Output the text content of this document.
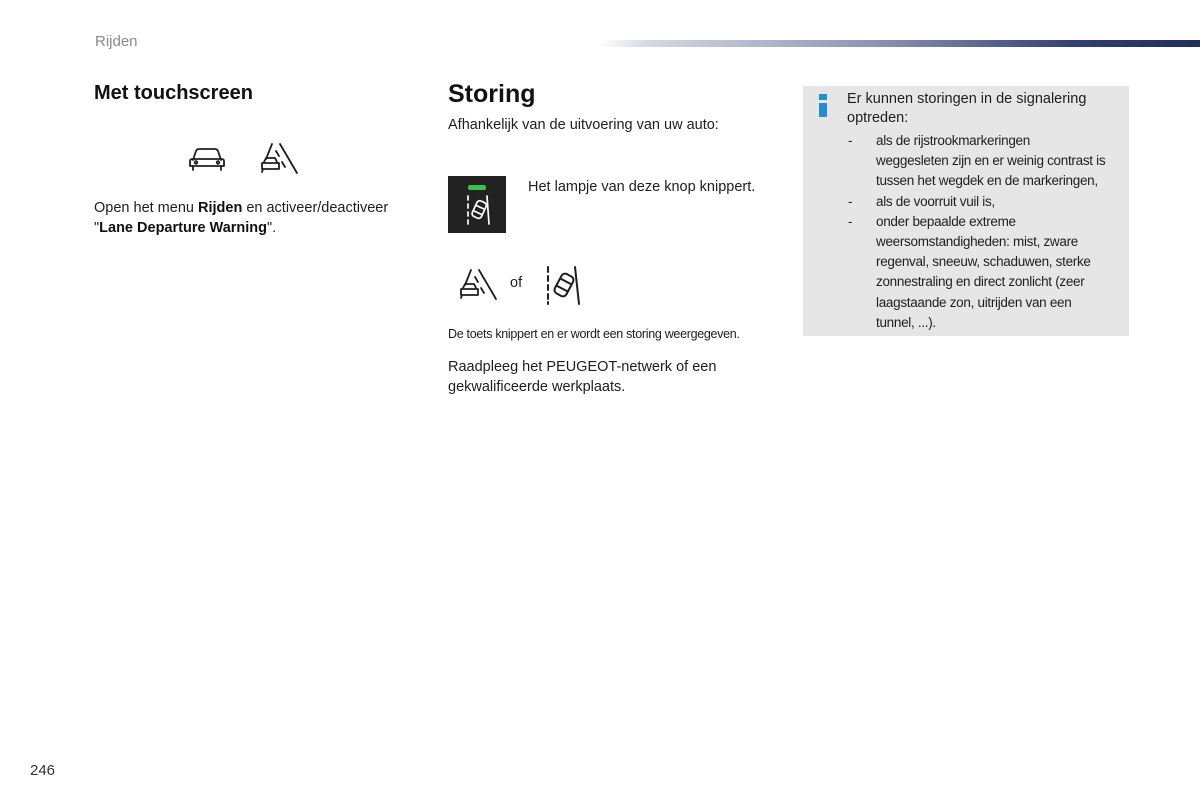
Rijden
Met touchscreen
Open het menu Rijden en activeer/deactiveer
"Lane Departure Warning".
Storing
Afhankelijk van de uitvoering van uw auto:
Het lampje van deze knop knippert.
of
De toets knippert en er wordt een storing weergegeven.
Raadpleeg het PEUGEOT-netwerk of een
gekwalificeerde werkplaats.
Er kunnen storingen in de signalering optreden:
- als de rijstrookmarkeringen
weggesleten zijn en er weinig contrast is
tussen het wegdek en de markeringen,
- als de voorruit vuil is,
- onder bepaalde extreme
weersomstandigheden: mist, zware
regenval, sneeuw, schaduwen, sterke
zonnestraling en direct zonlicht (zeer
laagstaande zon, uitrijden van een
tunnel, ...).
246
